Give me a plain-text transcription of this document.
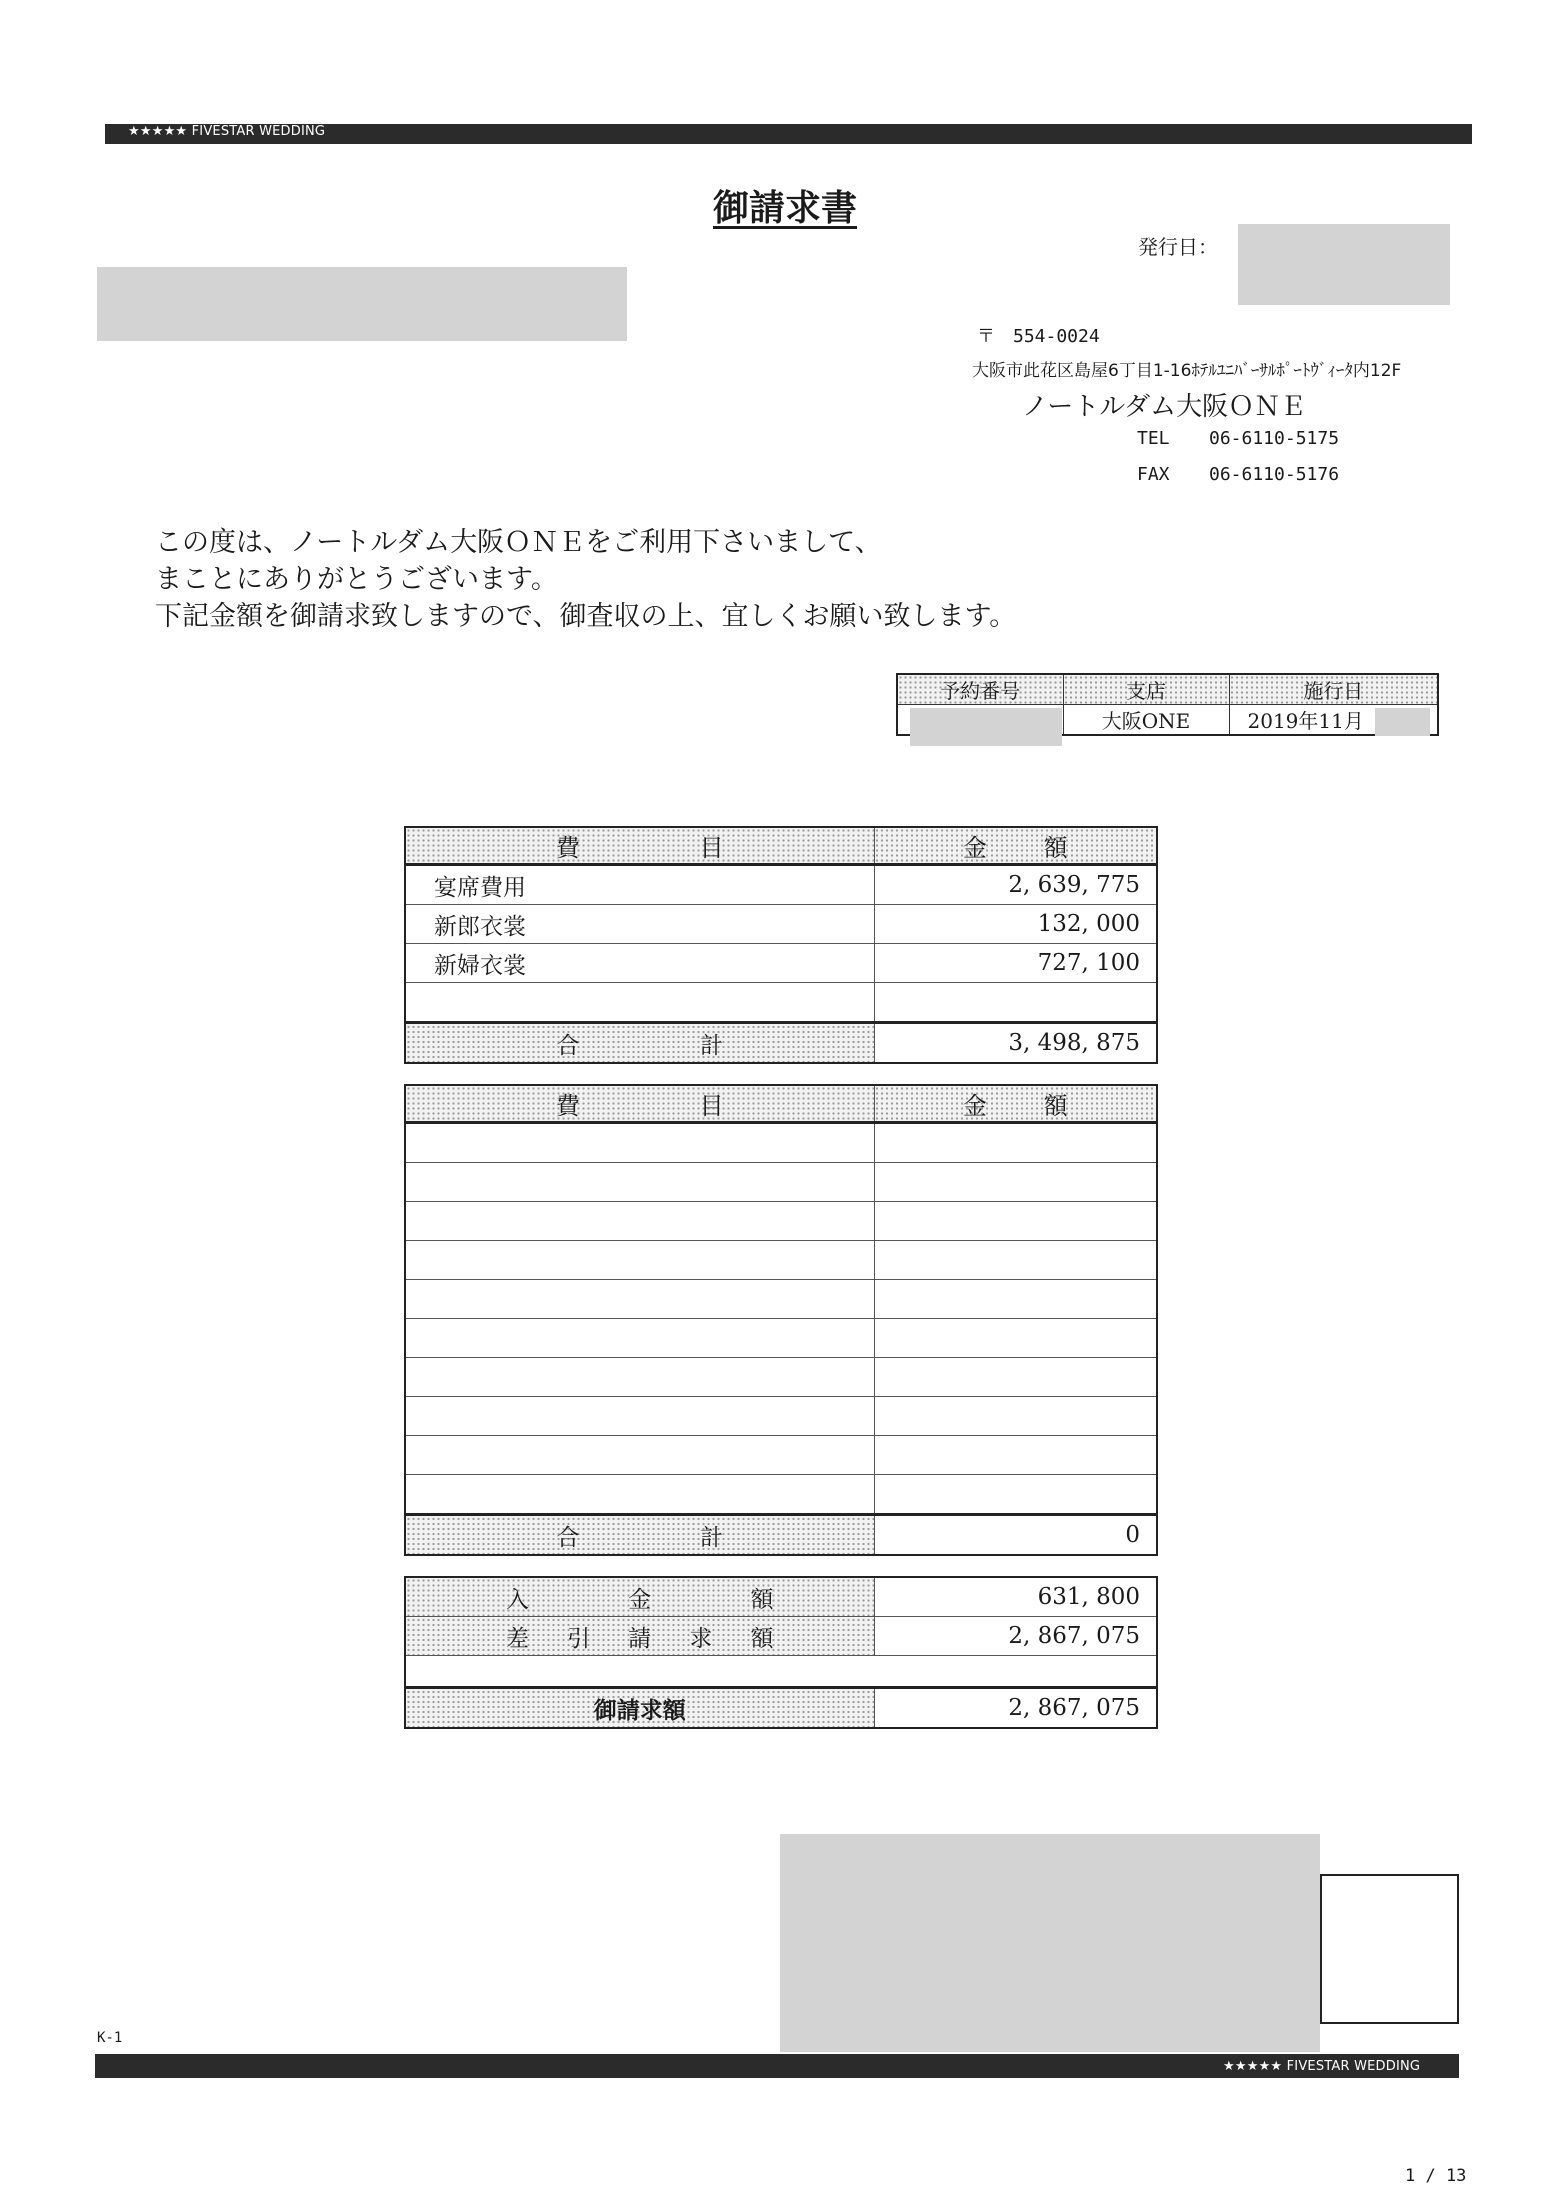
★★★★★ FIVESTAR WEDDING
御請求書
発行日：
〒　554-0024
大阪市此花区島屋6丁目1-16ﾎﾃﾙﾕﾆﾊﾞｰｻﾙﾎﾟｰﾄｳﾞｨｰﾀ内12F
ノートルダム大阪ＯＮＥ
TEL 06-6110-5175
FAX 06-6110-5176
この度は、ノートルダム大阪ＯＮＥをご利用下さいまして、
まことにありがとうございます。
下記金額を御請求致しますので、御査収の上、宜しくお願い致します。
予約番号	支店	施行日
	大阪ONE	2019年11月
費 目	金 額

宴席費用	2, 639, 775
新郎衣裳	132, 000
新婦衣裳	727, 100

合 計	3, 498, 875
費 目	金 額

合 計	0
入 金 額	631, 800

差 引 請 求 額	2, 867, 075

御請求額	2, 867, 075
K-1
★★★★★ FIVESTAR WEDDING
1 / 13
